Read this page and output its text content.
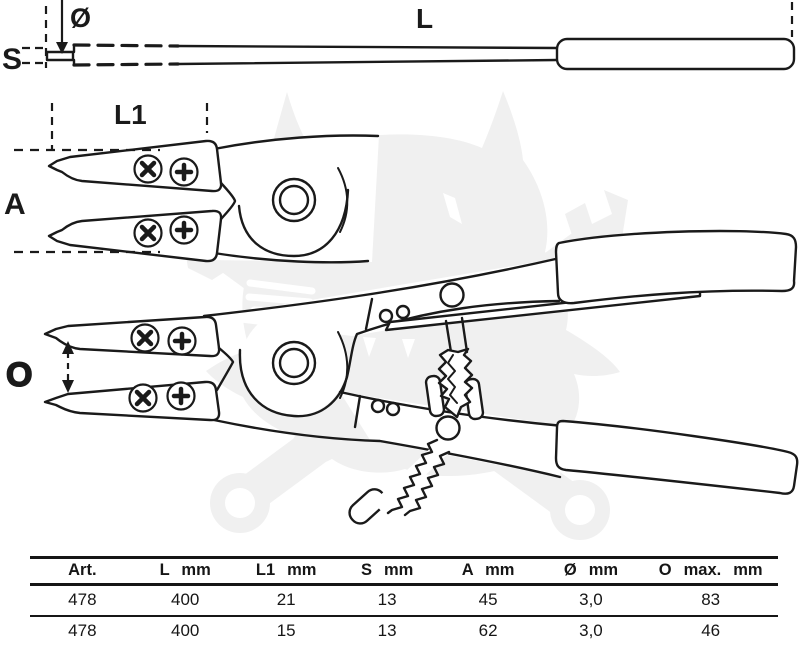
Ø	L
S
L1
A
O
Art.	L mm	L1 mm	S mm	A mm	Ø mm	O max. mm
478	400	21	13	45	3,0	83
478	400	15	13	62	3,0	46
